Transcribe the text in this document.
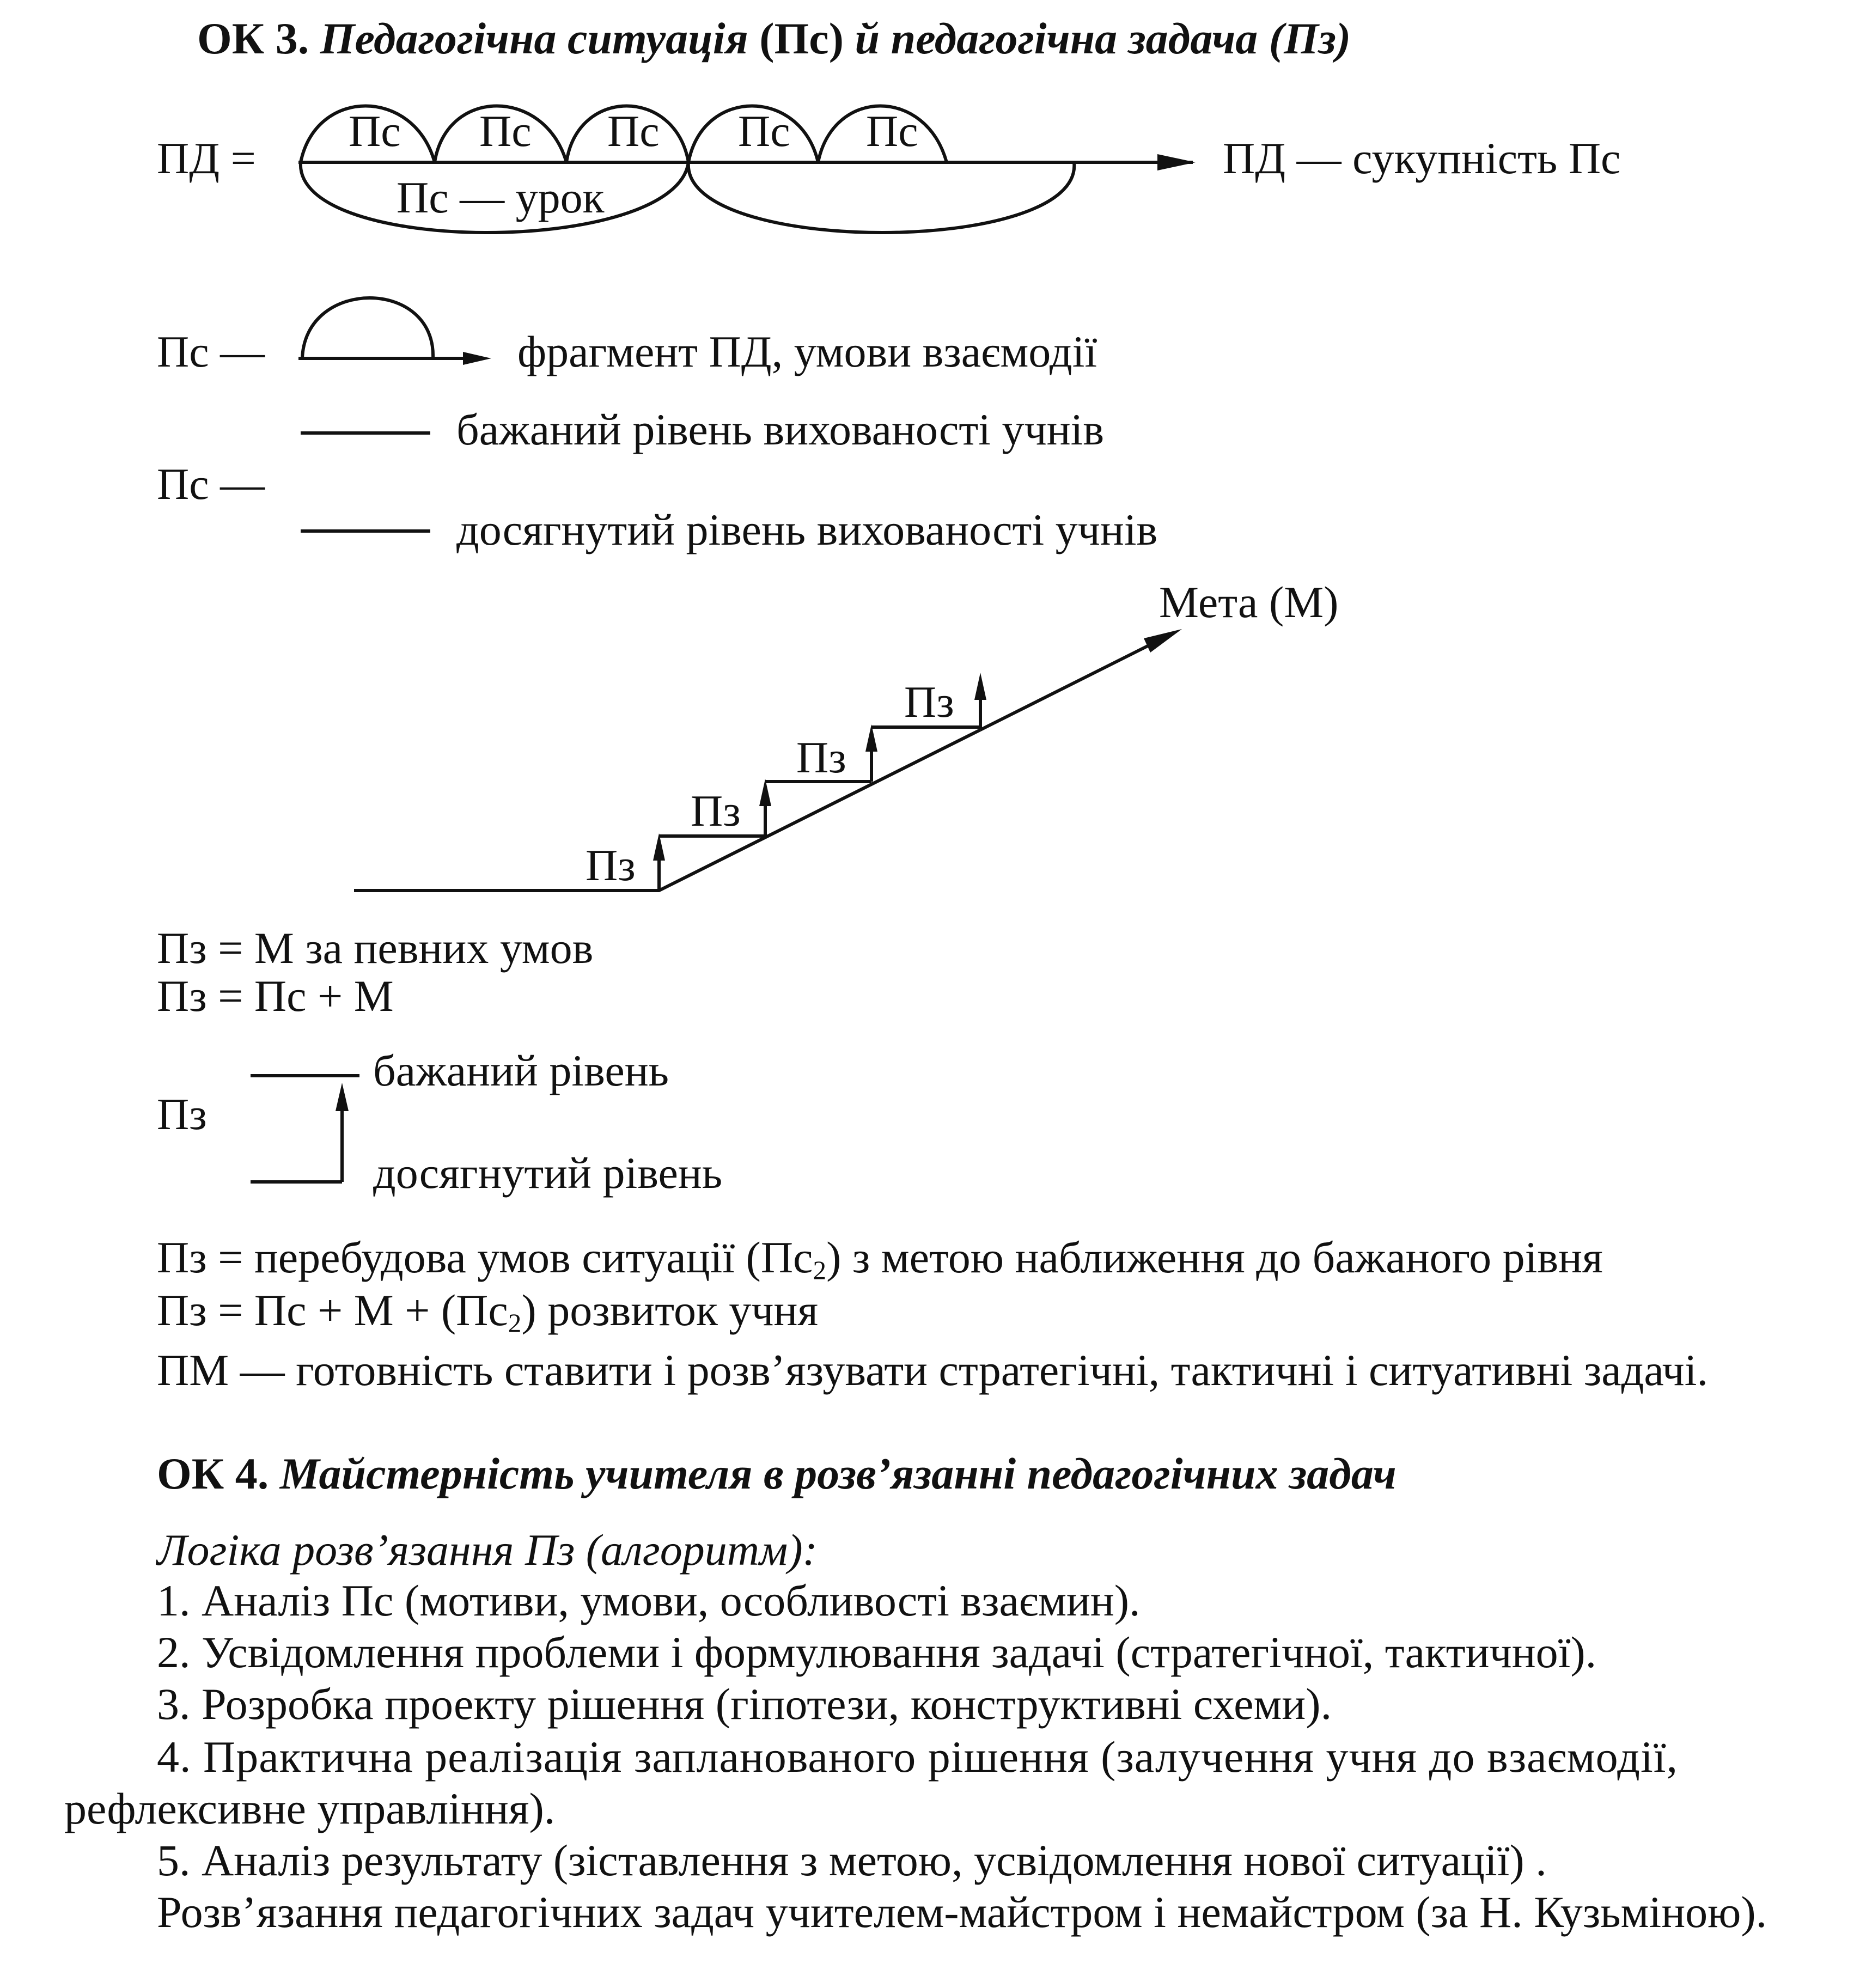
ОК 3. Педагогічна ситуація (Пс) й педагогічна задача (Пз)
ПД =
Пс Пс Пс Пс Пс
Пс — урок
ПД — сукупність Пс
Пс —	фрагмент ПД, умови взаємодії
бажаний рівень вихованості учнів
Пс —
досягнутий рівень вихованості учнів
Мета (М)
Пз
Пз
Пз
Пз
Пз = М за певних умов
Пз = Пс + М
бажаний рівень
Пз
досягнутий рівень
Пз = перебудова умов ситуації $(Пс_2)$ з метою наближення до бажаного рівня
Пз = Пс + $М + (Пс_2)$ розвиток учня
ПМ — готовність ставити і розв’язувати стратегічні, тактичні і ситуативні задачі.
ОК 4. Майстерність учителя в розв’язанні педагогічних задач
Логіка розв’язання Пз (алгоритм):
1. Аналіз Пс (мотиви, умови, особливості взаємин).
2. Усвідомлення проблеми і формулювання задачі (стратегічної, тактичної).
3. Розробка проекту рішення (гіпотези, конструктивні схеми).
4. Практична реалізація запланованого рішення (залучення учня до взаємодії,
рефлексивне управління).
5. Аналіз результату (зіставлення з метою, усвідомлення нової ситуації) .
Розв’язання педагогічних задач учителем-майстром і немайстром (за Н. Кузьміною).
